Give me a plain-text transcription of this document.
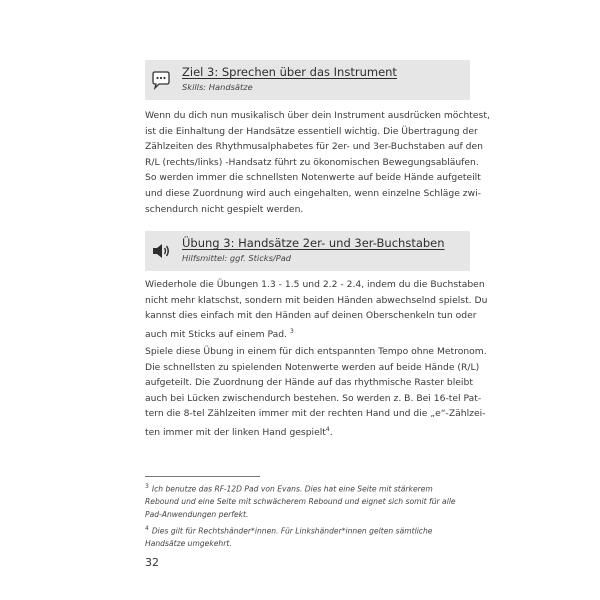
Ziel 3: Sprechen über das Instrument
Skills: Handsätze
Wenn du dich nun musikalisch über dein Instrument ausdrücken möchtest,
ist die Einhaltung der Handsätze essentiell wichtig. Die Übertragung der
Zählzeiten des Rhythmusalphabetes für 2er- und 3er-Buchstaben auf den
R/L (rechts/links) -Handsatz führt zu ökonomischen Bewegungsabläufen.
So werden immer die schnellsten Notenwerte auf beide Hände aufgeteilt
und diese Zuordnung wird auch eingehalten, wenn einzelne Schläge zwi-
schendurch nicht gespielt werden.
Übung 3: Handsätze 2er- und 3er-Buchstaben
Hilfsmittel: ggf. Sticks/Pad
Wiederhole die Übungen 1.3 - 1.5 und 2.2 - 2.4, indem du die Buchstaben
nicht mehr klatschst, sondern mit beiden Händen abwechselnd spielst. Du
kannst dies einfach mit den Händen auf deinen Oberschenkeln tun oder
auch mit Sticks auf einem Pad. $^3$
Spiele diese Übung in einem für dich entspannten Tempo ohne Metronom.
Die schnellsten zu spielenden Notenwerte werden auf beide Hände (R/L)
aufgeteilt. Die Zuordnung der Hände auf das rhythmische Raster bleibt
auch bei Lücken zwischendurch bestehen. So werden z. B. Bei 16-tel Pat-
tern die 8-tel Zählzeiten immer mit der rechten Hand und die „e“-Zählzei-
ten immer mit der linken Hand gespielt$^4$.
$^3$ Ich benutze das RF-12D Pad von Evans. Dies hat eine Seite mit stärkerem
Rebound und eine Seite mit schwächerem Rebound und eignet sich somit für alle
Pad-Anwendungen perfekt.
$^4$ Dies gilt für Rechtshänder*innen. Für Linkshänder*innen gelten sämtliche
Handsätze umgekehrt.
32
